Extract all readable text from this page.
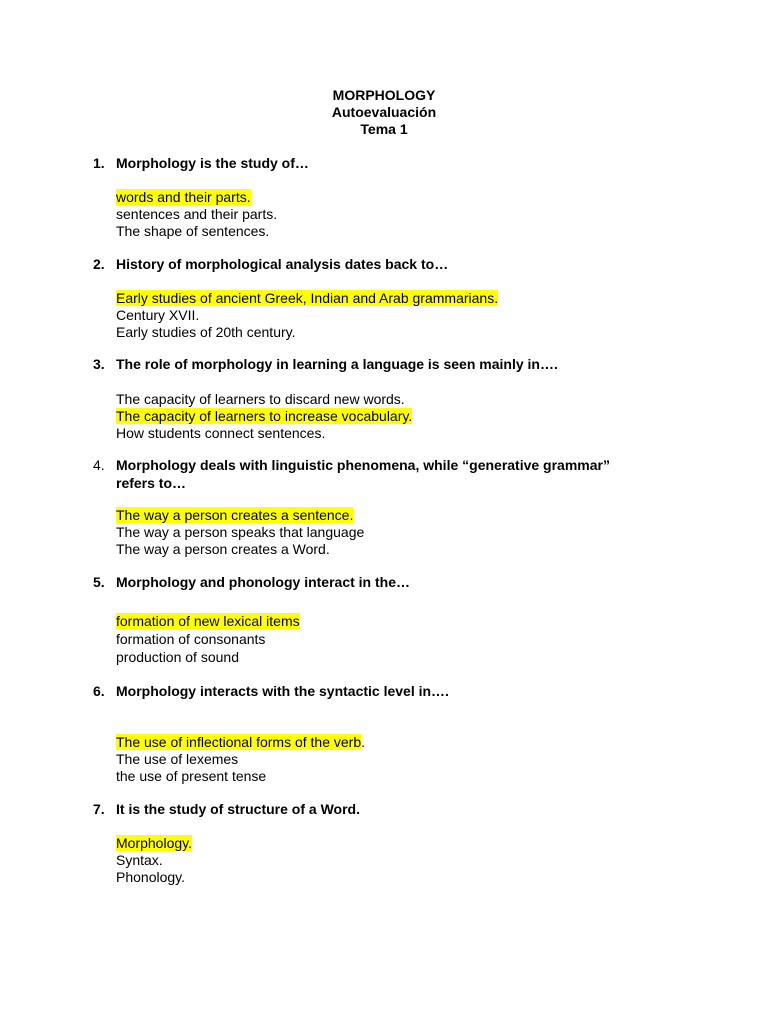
MORPHOLOGY
Autoevaluación
Tema 1
1. Morphology is the study of…
words and their parts.
sentences and their parts.
The shape of sentences.
2. History of morphological analysis dates back to…
Early studies of ancient Greek, Indian and Arab grammarians.
Century XVII.
Early studies of 20th century.
3. The role of morphology in learning a language is seen mainly in….
The capacity of learners to discard new words.
The capacity of learners to increase vocabulary.
How students connect sentences.
4. Morphology deals with linguistic phenomena, while “generative grammar”
refers to…
The way a person creates a sentence.
The way a person speaks that language
The way a person creates a Word.
5. Morphology and phonology interact in the…
formation of new lexical items
formation of consonants
production of sound
6. Morphology interacts with the syntactic level in….
The use of inflectional forms of the verb.
The use of lexemes
the use of present tense
7. It is the study of structure of a Word.
Morphology.
Syntax.
Phonology.
